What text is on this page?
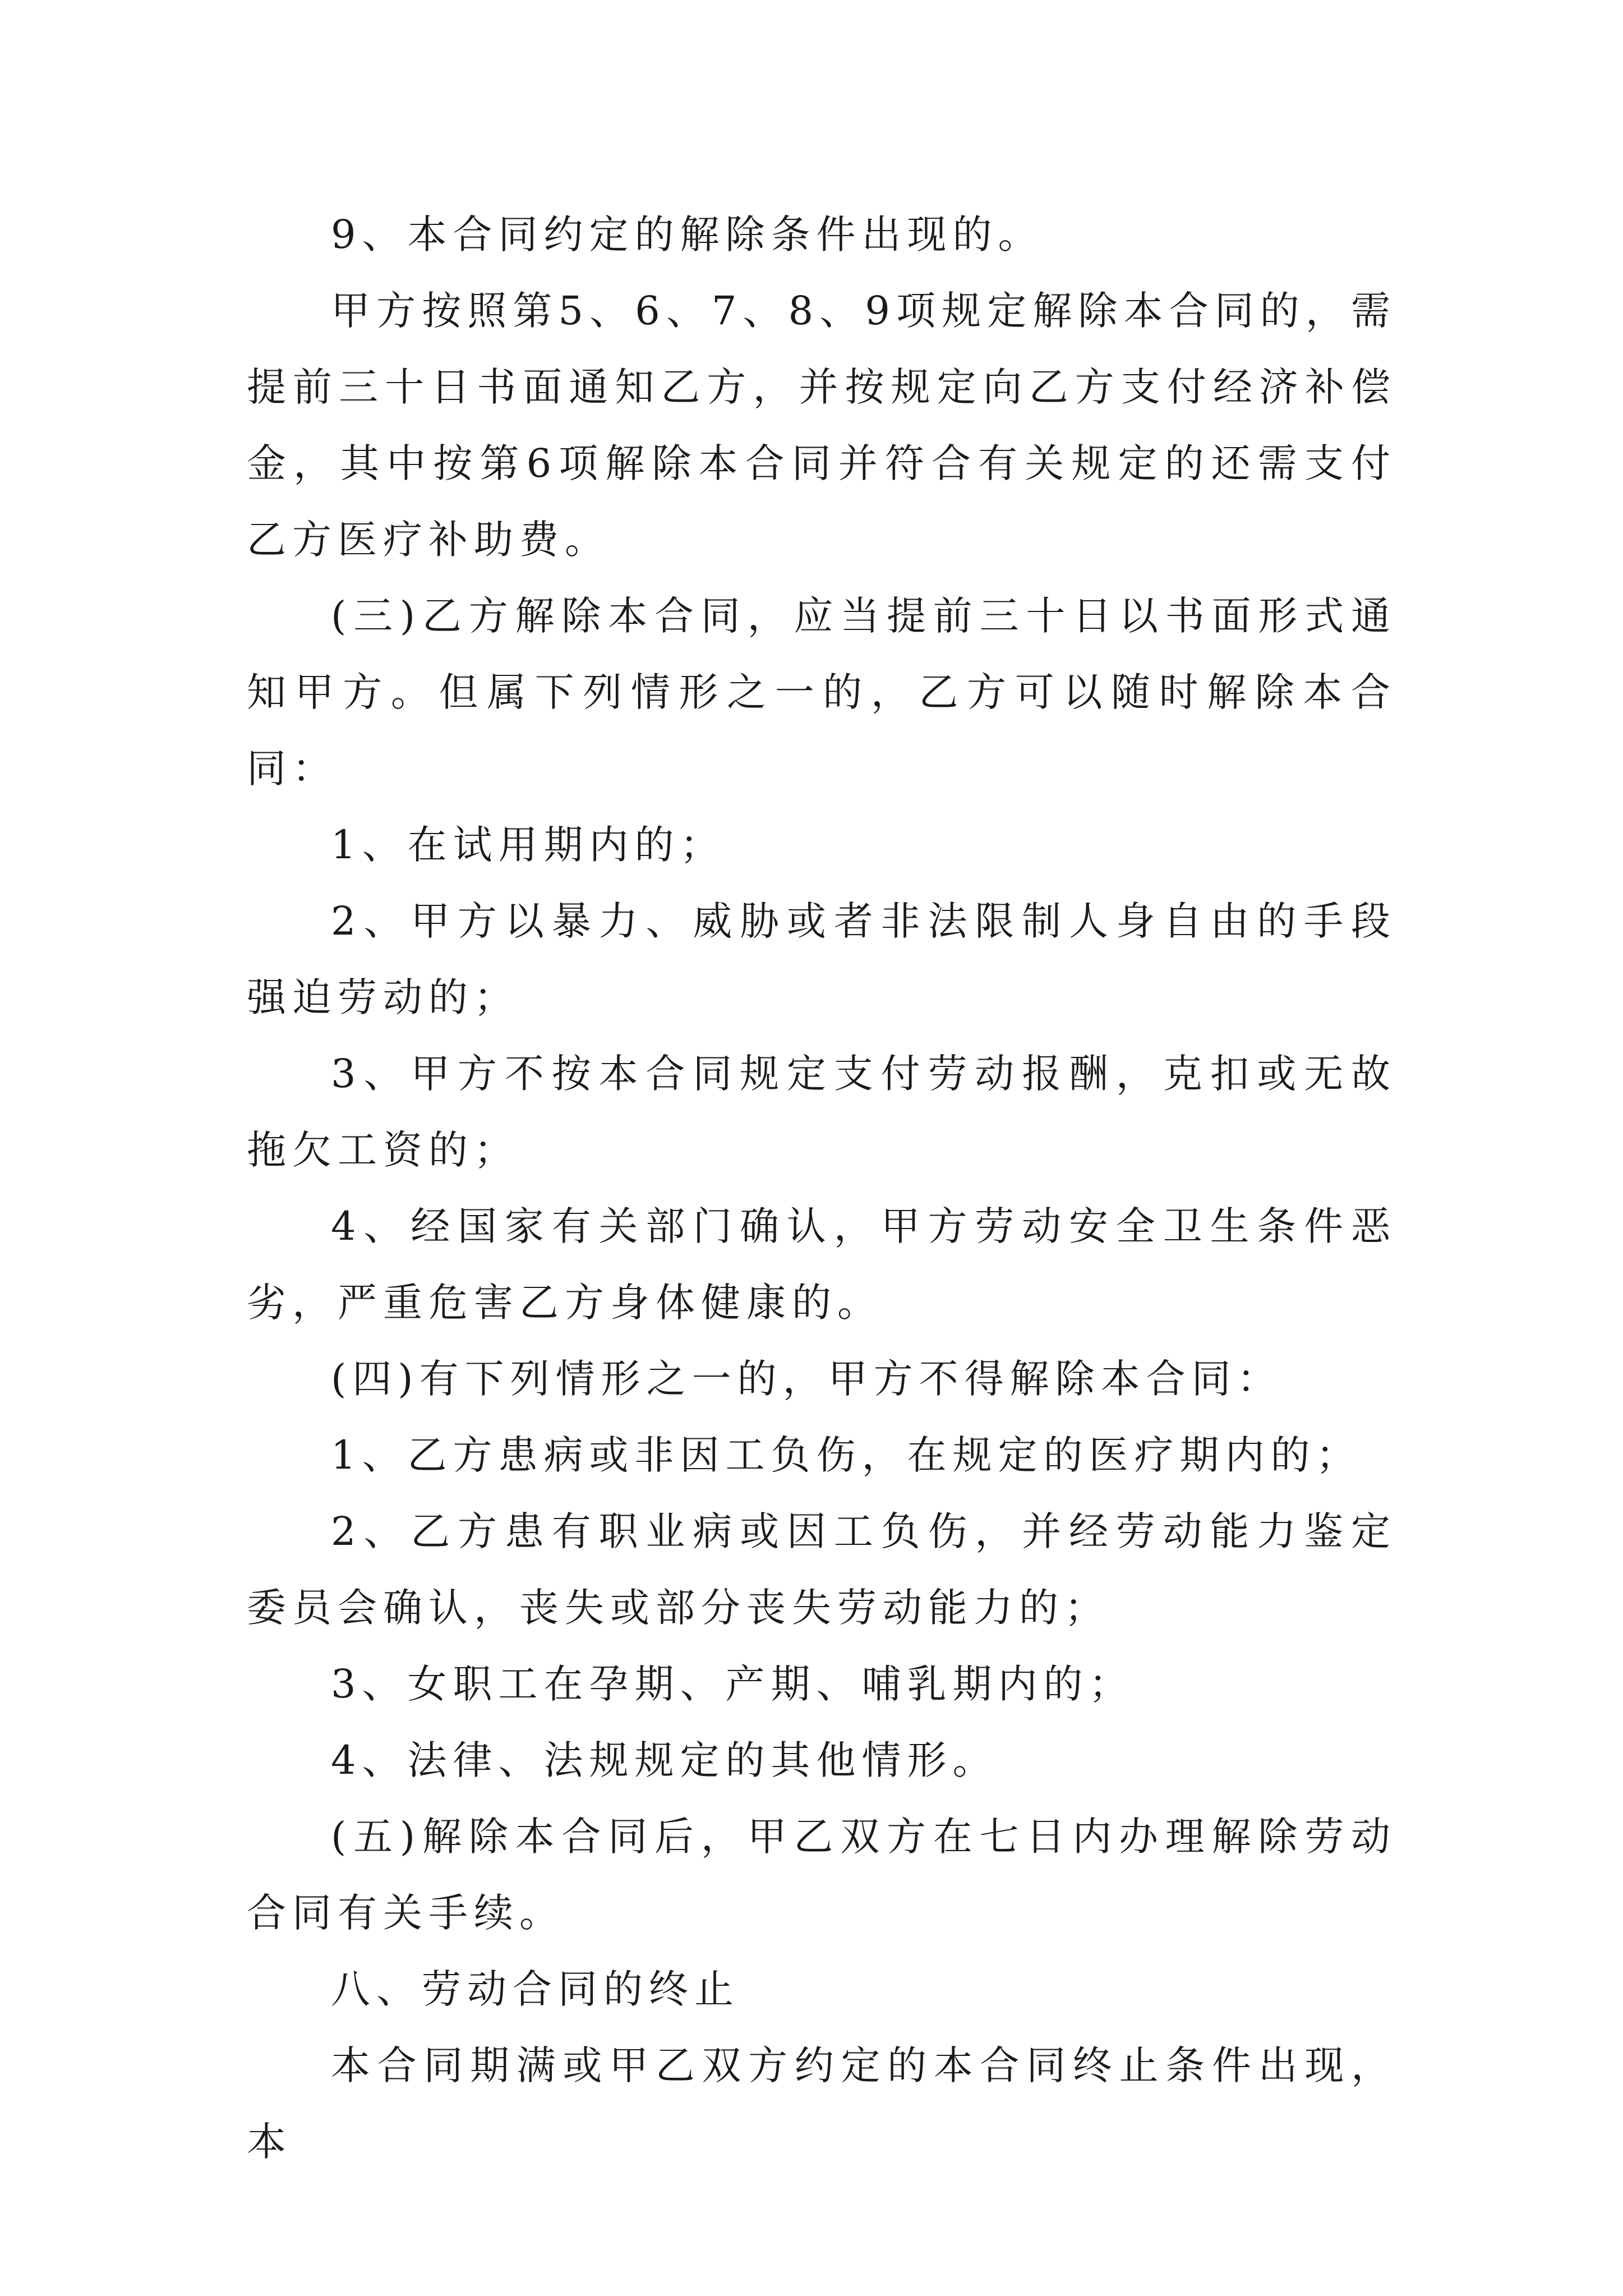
9、本合同约定的解除条件出现的。

甲方按照第5、6、7、8、9项规定解除本合同的，需提前三十日书面通知乙方，并按规定向乙方支付经济补偿金，其中按第6项解除本合同并符合有关规定的还需支付乙方医疗补助费。

(三)乙方解除本合同，应当提前三十日以书面形式通知甲方。但属下列情形之一的，乙方可以随时解除本合同：

1、在试用期内的；

2、甲方以暴力、威胁或者非法限制人身自由的手段强迫劳动的；

3、甲方不按本合同规定支付劳动报酬，克扣或无故拖欠工资的；

4、经国家有关部门确认，甲方劳动安全卫生条件恶劣，严重危害乙方身体健康的。

(四)有下列情形之一的，甲方不得解除本合同：

1、乙方患病或非因工负伤，在规定的医疗期内的；

2、乙方患有职业病或因工负伤，并经劳动能力鉴定委员会确认，丧失或部分丧失劳动能力的；

3、女职工在孕期、产期、哺乳期内的；

4、法律、法规规定的其他情形。

(五)解除本合同后，甲乙双方在七日内办理解除劳动合同有关手续。

八、劳动合同的终止

本合同期满或甲乙双方约定的本合同终止条件出现，本
